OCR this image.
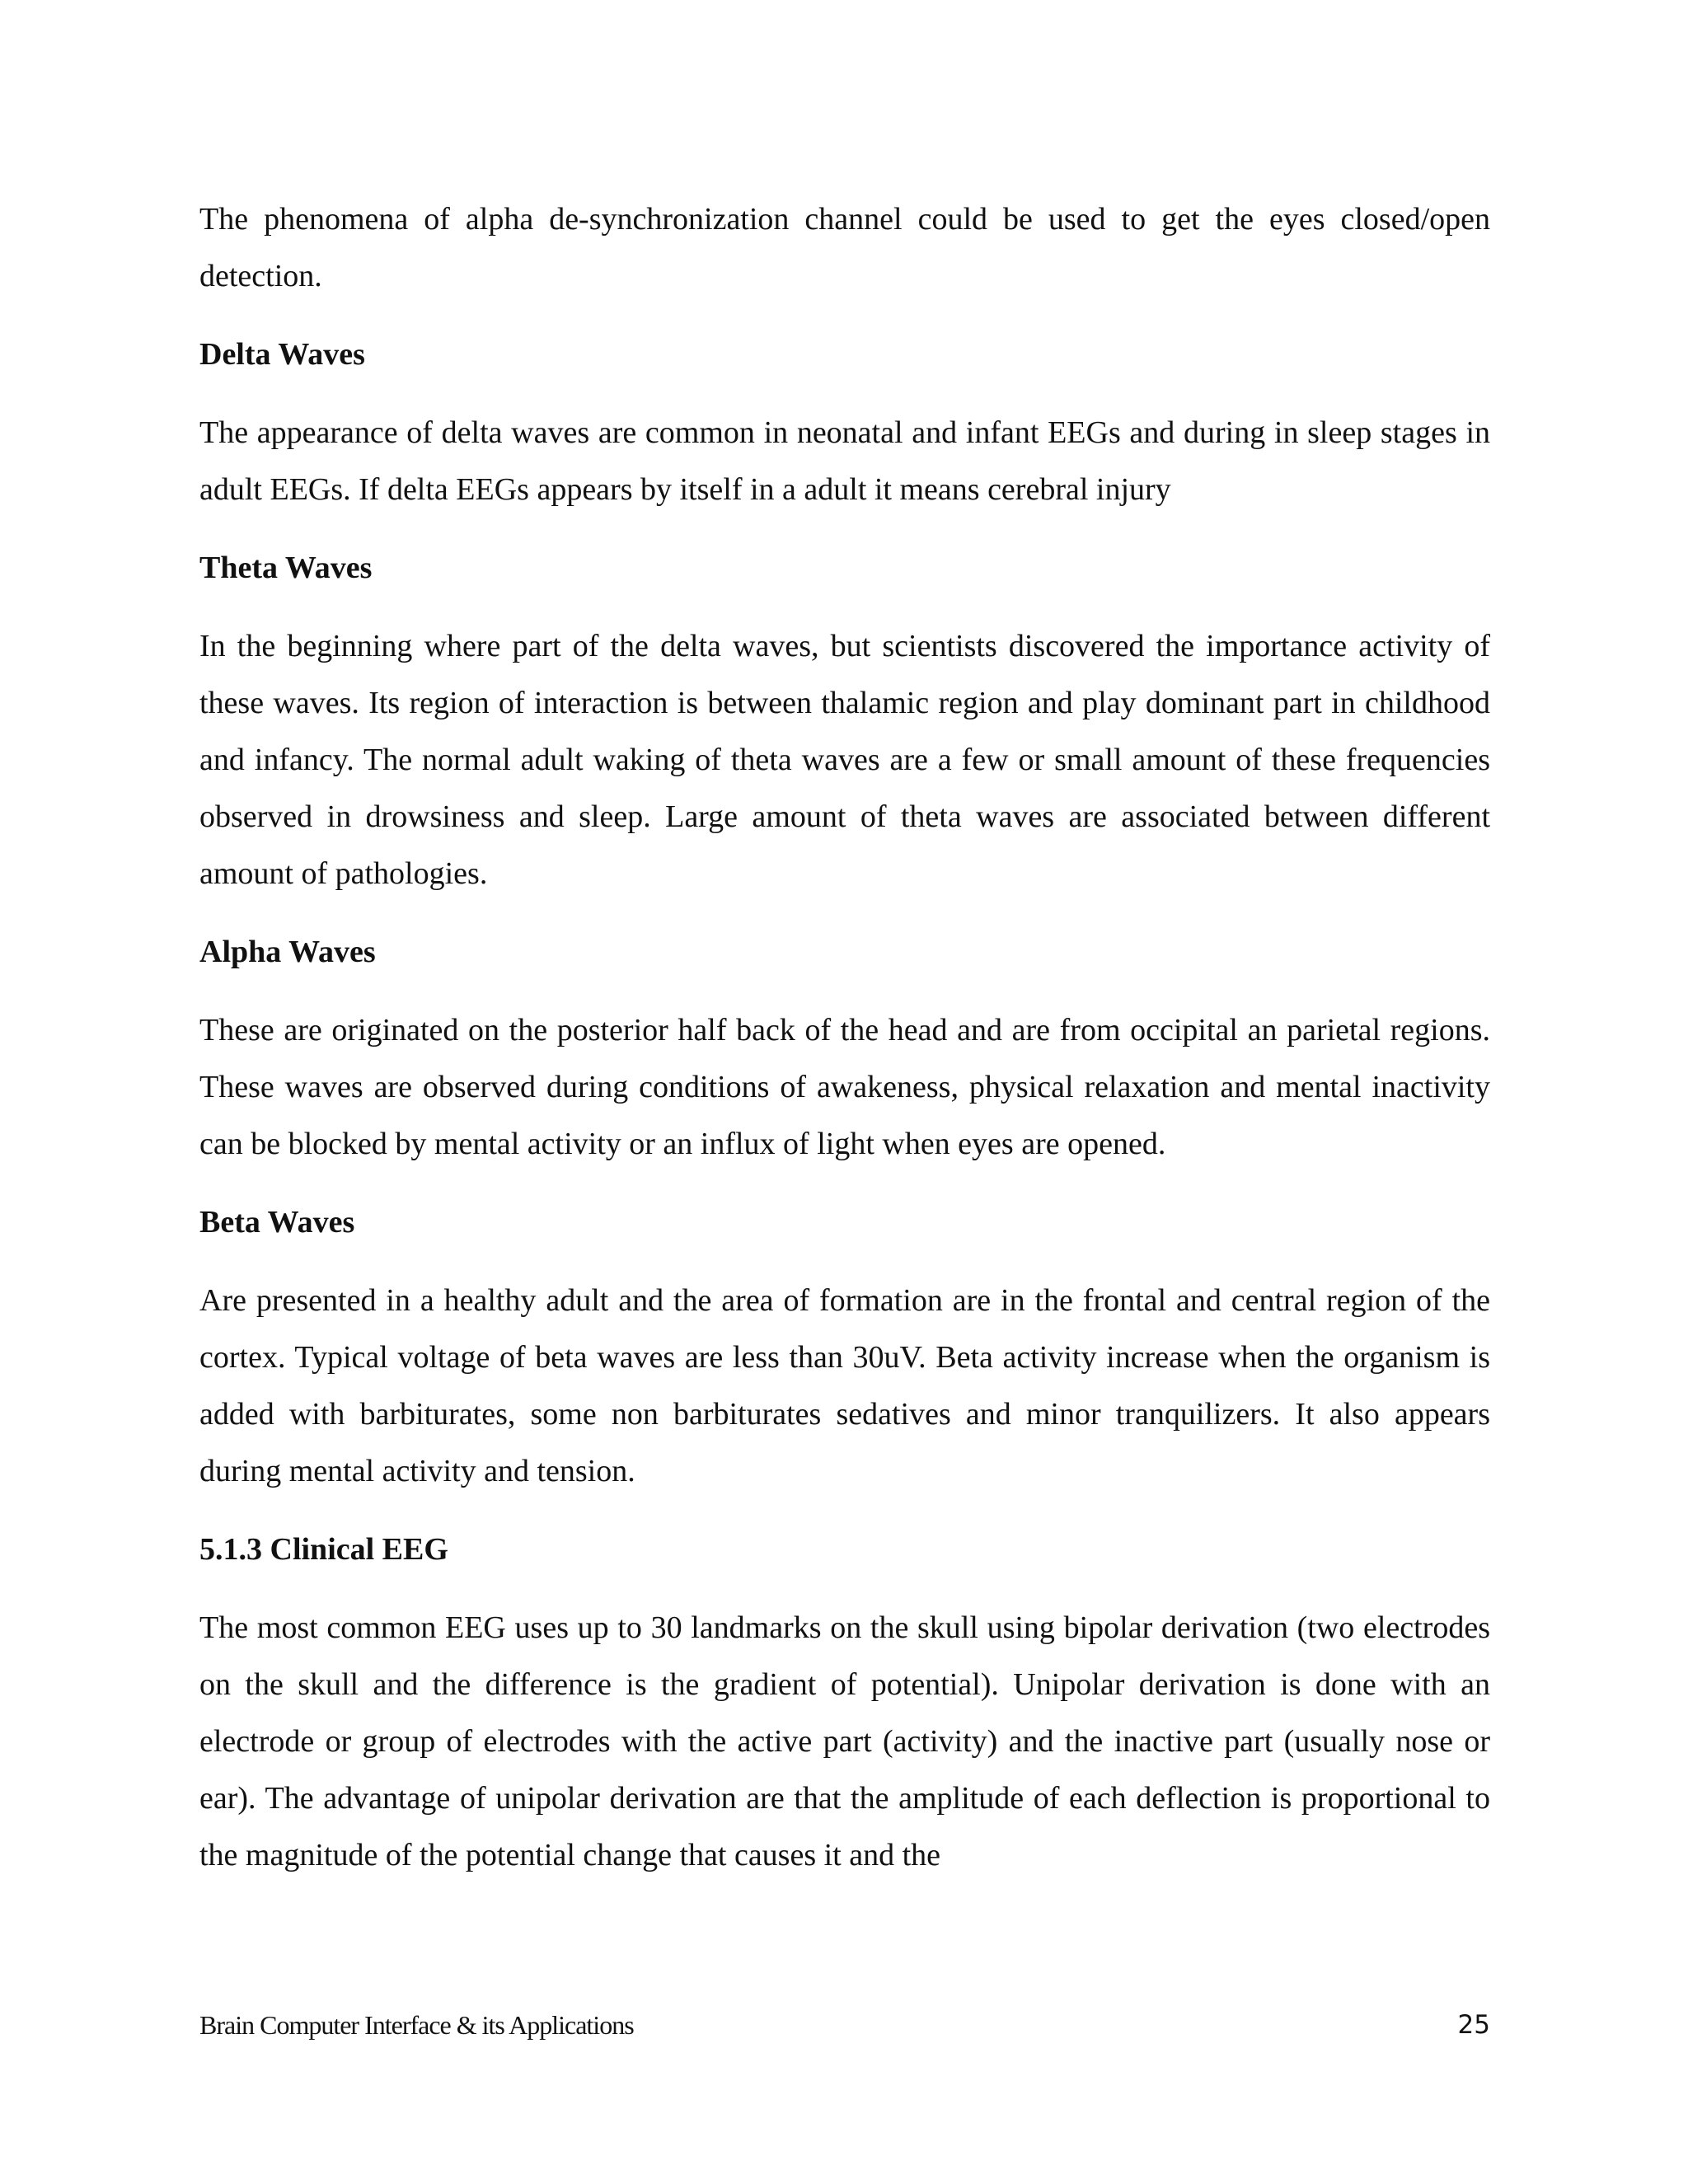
The phenomena of alpha de-synchronization channel could be used to get the eyes closed/open detection.

Delta Waves

The appearance of delta waves are common in neonatal and infant EEGs and during in sleep stages in adult EEGs. If delta EEGs appears by itself in a adult it means cerebral injury

Theta Waves

In the beginning where part of the delta waves, but scientists discovered the importance activity of these waves. Its region of interaction is between thalamic region and play dominant part in childhood and infancy. The normal adult waking of theta waves are a few or small amount of these frequencies observed in drowsiness and sleep. Large amount of theta waves are associated between different amount of pathologies.

Alpha Waves

These are originated on the posterior half back of the head and are from occipital an parietal regions. These waves are observed during conditions of awakeness, physical relaxation and mental inactivity can be blocked by mental activity or an influx of light when eyes are opened.

Beta Waves

Are presented in a healthy adult and the area of formation are in the frontal and central region of the cortex. Typical voltage of beta waves are less than 30uV. Beta activity increase when the organism is added with barbiturates, some non barbiturates sedatives and minor tranquilizers. It also appears during mental activity and tension.

5.1.3 Clinical EEG

The most common EEG uses up to 30 landmarks on the skull using bipolar derivation (two electrodes on the skull and the difference is the gradient of potential). Unipolar derivation is done with an electrode or group of electrodes with the active part (activity) and the inactive part (usually nose or ear). The advantage of unipolar derivation are that the amplitude of each deflection is proportional to the magnitude of the potential change that causes it and the

Brain Computer Interface & its Applications	25
